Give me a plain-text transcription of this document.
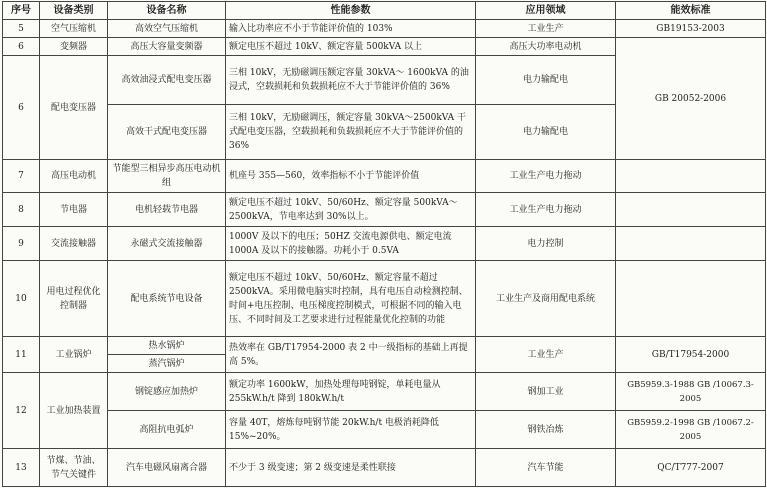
序号	设备类别	设备名称	性能参数	应用领域	能效标准
5	空气压缩机	高效空气压缩机	输入比功率应不小于节能评价值的 103%	工业生产	GB19153-2003
6	变频器	高压大容量变频器	额定电压不超过 10kV、额定容量 500kVA 以上	高压大功率电动机	GB 20052-2006
6	配电变压器	高效油浸式配电变压器	三相 10kV，无励磁调压额定容量 30kVA～ 1600kVA 的油浸式，空载损耗和负载损耗应不大于节能评价值的 36%	电力输配电	
		高效干式配电变压器	三相 10kV，无励磁调压，额定容量 30kVA～2500kVA 干式配电变压器，空载损耗和负载损耗应不大于节能评价值的 36%	电力输配电	
7	高压电动机	节能型三相异步高压电动机组	机座号 355—560，效率指标不小于节能评价值	工业生产电力拖动	
8	节电器	电机轻载节电器	额定电压不超过 10kV、50/60Hz、额定容量 500kVA～2500kVA，节电率达到 30%以上。	工业生产电力拖动	
9	交流接触器	永磁式交流接触器	1000V 及以下的电压；50HZ 交流电源供电、额定电流 1000A 及以下的接触器。功耗小于 0.5VA	电力控制	
10	用电过程优化控制器	配电系统节电设备	额定电压不超过 10kV、50/60Hz、额定容量不超过 2500kVA。采用微电脑实时控制，具有电压自动检测控制、时间+电压控制、电压梯度控制模式，可根据不同的输入电压、不同时间及工艺要求进行过程能量优化控制的功能	工业生产及商用配电系统	
11	工业锅炉	热水锅炉	热效率在 GB/T17954-2000 表 2 中一级指标的基础上再提高 5%。	工业生产	GB/T17954-2000
		蒸汽锅炉			
12	工业加热装置	钢锭感应加热炉	额定功率 1600kW，加热处理每吨钢锭，单耗电量从 255kW.h/t 降到 180kW.h/t	钢加工业	GB5959.3-1988 GB /10067.3-2005
		高阻抗电弧炉	容量 40T，熔炼每吨钢节能 20kW.h/t 电极消耗降低 15%~20%。	钢铁冶炼	GB5959.2-1998 GB /10067.2-2005
13	节煤、节油、节气关键件	汽车电磁风扇离合器	不少于 3 级变速；第 2 级变速是柔性联接	汽车节能	QC/T777-2007
